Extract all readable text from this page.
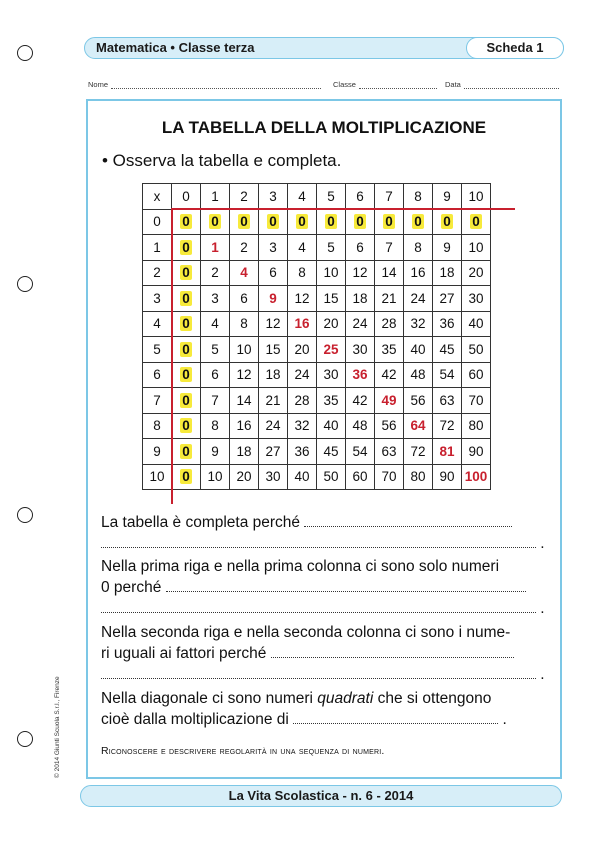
Matematica • Classe terza	Scheda 1
Nome	Classe	Data
LA TABELLA DELLA MOLTIPLICAZIONE
• Osserva la tabella e completa.
x	0	1	2	3	4	5	6	7	8	9	10
0	0	0	0	0	0	0	0	0	0	0	0
1	0	1	2	3	4	5	6	7	8	9	10
2	0	2	4	6	8	10	12	14	16	18	20
3	0	3	6	9	12	15	18	21	24	27	30
4	0	4	8	12	16	20	24	28	32	36	40
5	0	5	10	15	20	25	30	35	40	45	50
6	0	6	12	18	24	30	36	42	48	54	60
7	0	7	14	21	28	35	42	49	56	63	70
8	0	8	16	24	32	40	48	56	64	72	80
9	0	9	18	27	36	45	54	63	72	81	90
10	0	10	20	30	40	50	60	70	80	90	100
La tabella è completa perché
.
Nella prima riga e nella prima colonna ci sono solo numeri
0 perché
.
Nella seconda riga e nella seconda colonna ci sono i nume-
ri uguali ai fattori perché
.
Nella diagonale ci sono numeri quadrati che si ottengono
cioè dalla moltiplicazione di	.
Riconoscere e descrivere regolarità in una sequenza di numeri.
© 2014 Giunti Scuola S.r.l., Firenze
La Vita Scolastica - n. 6 - 2014
